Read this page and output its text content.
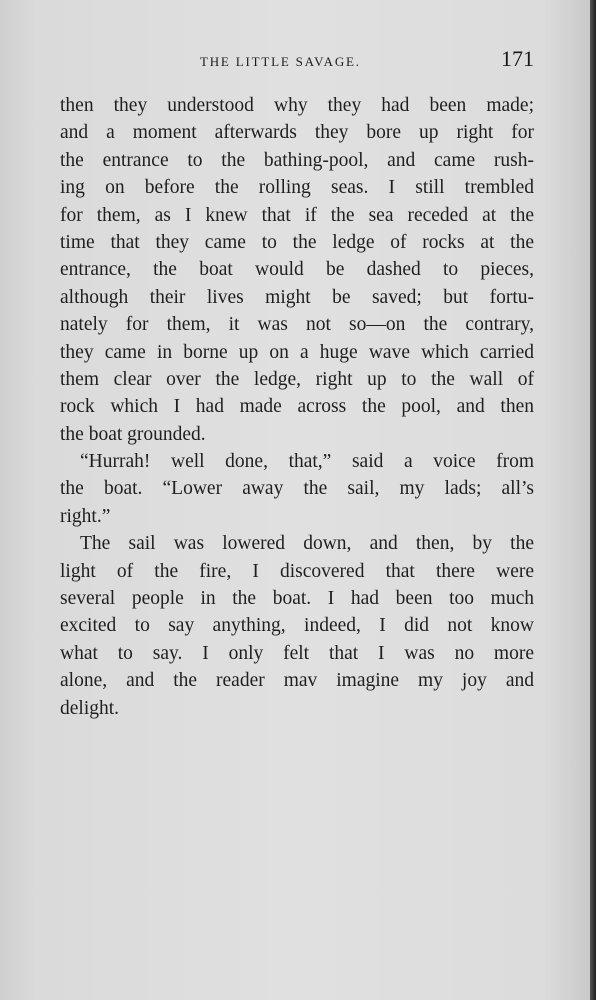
THE LITTLE SAVAGE.	171
then they understood why they had been made;
and a moment afterwards they bore up right for
the entrance to the bathing-pool, and came rush-
ing on before the rolling seas. I still trembled
for them, as I knew that if the sea receded at the
time that they came to the ledge of rocks at the
entrance, the boat would be dashed to pieces,
although their lives might be saved; but fortu-
nately for them, it was not so—on the contrary,
they came in borne up on a huge wave which carried
them clear over the ledge, right up to the wall of
rock which I had made across the pool, and then
the boat grounded.
“Hurrah! well done, that,” said a voice from
the boat. “Lower away the sail, my lads; all’s
right.”
The sail was lowered down, and then, by the
light of the fire, I discovered that there were
several people in the boat. I had been too much
excited to say anything, indeed, I did not know
what to say. I only felt that I was no more
alone, and the reader mav imagine my joy and
delight.
